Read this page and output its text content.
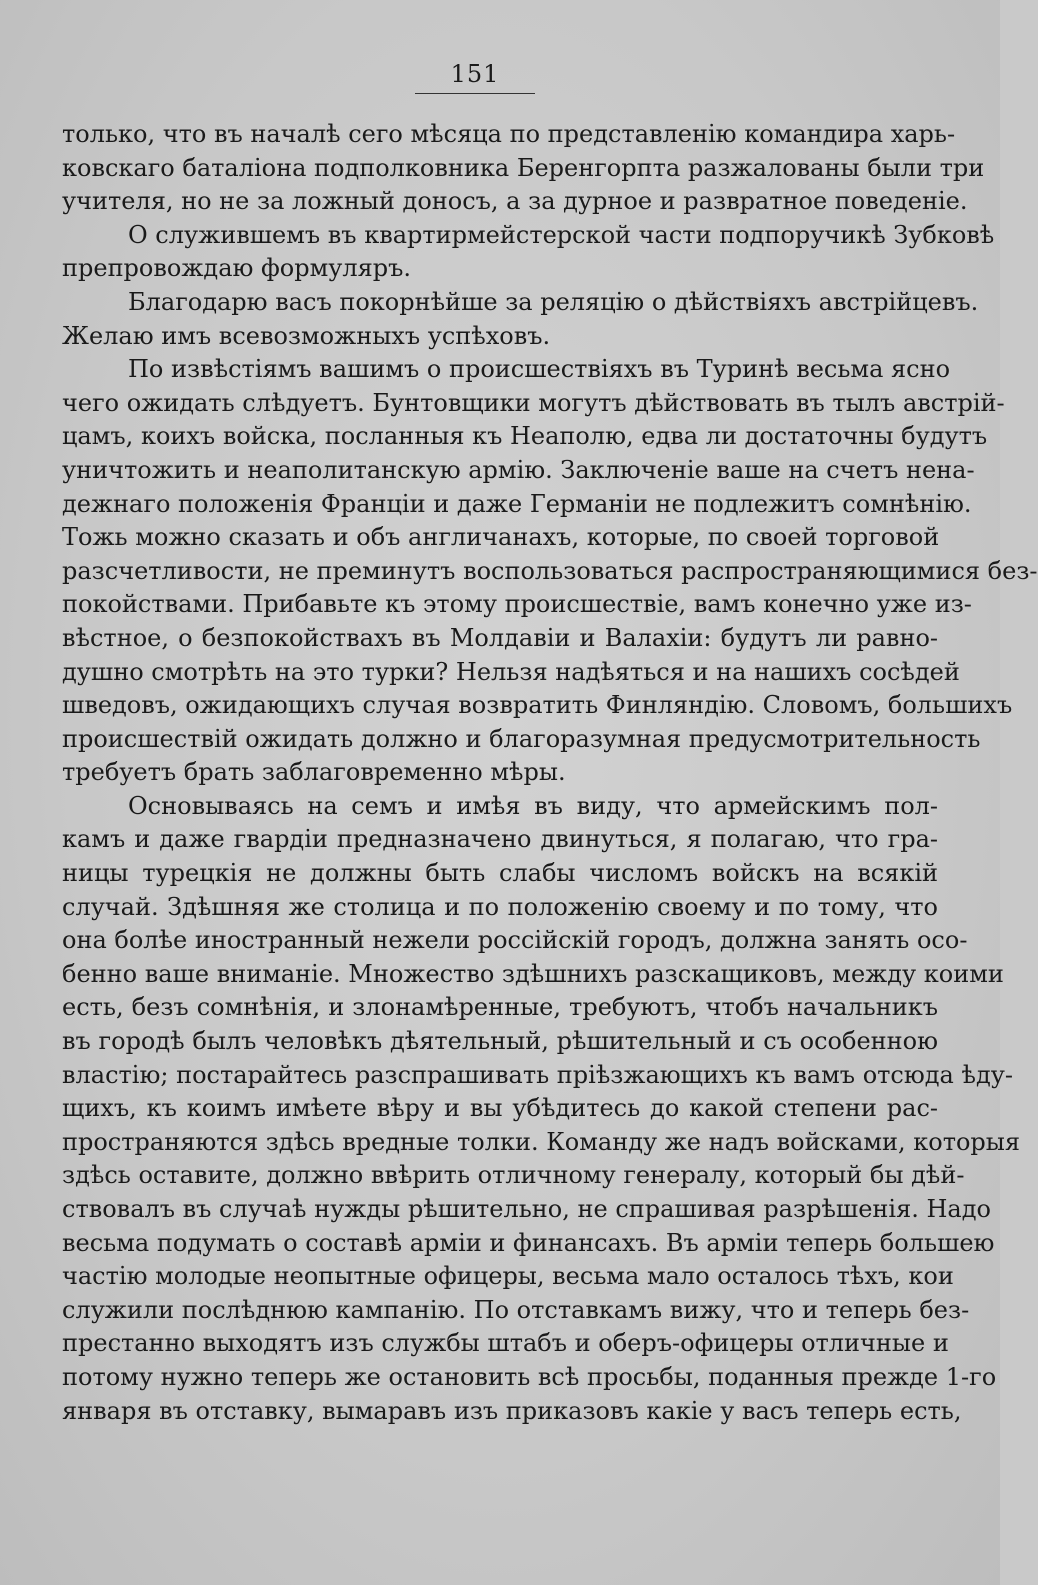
151
только, что въ началѣ сего мѣсяца по представленію командира харь-
ковскаго баталіона подполковника Беренгорпта разжалованы были три
учителя, но не за ложный доносъ, а за дурное и развратное поведеніе.
О служившемъ въ квартирмейстерской части подпоручикѣ Зубковѣ
препровождаю формуляръ.
Благодарю васъ покорнѣйше за реляцію о дѣйствіяхъ австрійцевъ.
Желаю имъ всевозможныхъ успѣховъ.
По извѣстіямъ вашимъ о происшествіяхъ въ Туринѣ весьма ясно
чего ожидать слѣдуетъ. Бунтовщики могутъ дѣйствовать въ тылъ австрій-
цамъ, коихъ войска, посланныя къ Неаполю, едва ли достаточны будутъ
уничтожить и неаполитанскую армію. Заключеніе ваше на счетъ нена-
дежнаго положенія Франціи и даже Германіи не подлежитъ сомнѣнію.
Тожь можно сказать и объ англичанахъ, которые, по своей торговой
разсчетливости, не преминутъ воспользоваться распространяющимися без-
покойствами. Прибавьте къ этому происшествіе, вамъ конечно уже из-
вѣстное, о безпокойствахъ въ Молдавіи и Валахіи: будутъ ли равно-
душно смотрѣть на это турки? Нельзя надѣяться и на нашихъ сосѣдей
шведовъ, ожидающихъ случая возвратить Финляндію. Словомъ, большихъ
происшествій ожидать должно и благоразумная предусмотрительность
требуетъ брать заблаговременно мѣры.
Основываясь на семъ и имѣя въ виду, что армейскимъ пол-
камъ и даже гвардіи предназначено двинуться, я полагаю, что гра-
ницы турецкія не должны быть слабы числомъ войскъ на всякій
случай. Здѣшняя же столица и по положенію своему и по тому, что
она болѣе иностранный нежели россійскій городъ, должна занять осо-
бенно ваше вниманіе. Множество здѣшнихъ разскащиковъ, между коими
есть, безъ сомнѣнія, и злонамѣренные, требуютъ, чтобъ начальникъ
въ городѣ былъ человѣкъ дѣятельный, рѣшительный и съ особенною
властію; постарайтесь разспрашивать пріѣзжающихъ къ вамъ отсюда ѣду-
щихъ, къ коимъ имѣете вѣру и вы убѣдитесь до какой степени рас-
пространяются здѣсь вредные толки. Команду же надъ войсками, которыя
здѣсь оставите, должно ввѣрить отличному генералу, который бы дѣй-
ствовалъ въ случаѣ нужды рѣшительно, не спрашивая разрѣшенія. Надо
весьма подумать о составѣ арміи и финансахъ. Въ арміи теперь большею
частію молодые неопытные офицеры, весьма мало осталось тѣхъ, кои
служили послѣднюю кампанію. По отставкамъ вижу, что и теперь без-
престанно выходятъ изъ службы штабъ и оберъ-офицеры отличные и
потому нужно теперь же остановить всѣ просьбы, поданныя прежде 1-го
января въ отставку, вымаравъ изъ приказовъ какіе у васъ теперь есть,
